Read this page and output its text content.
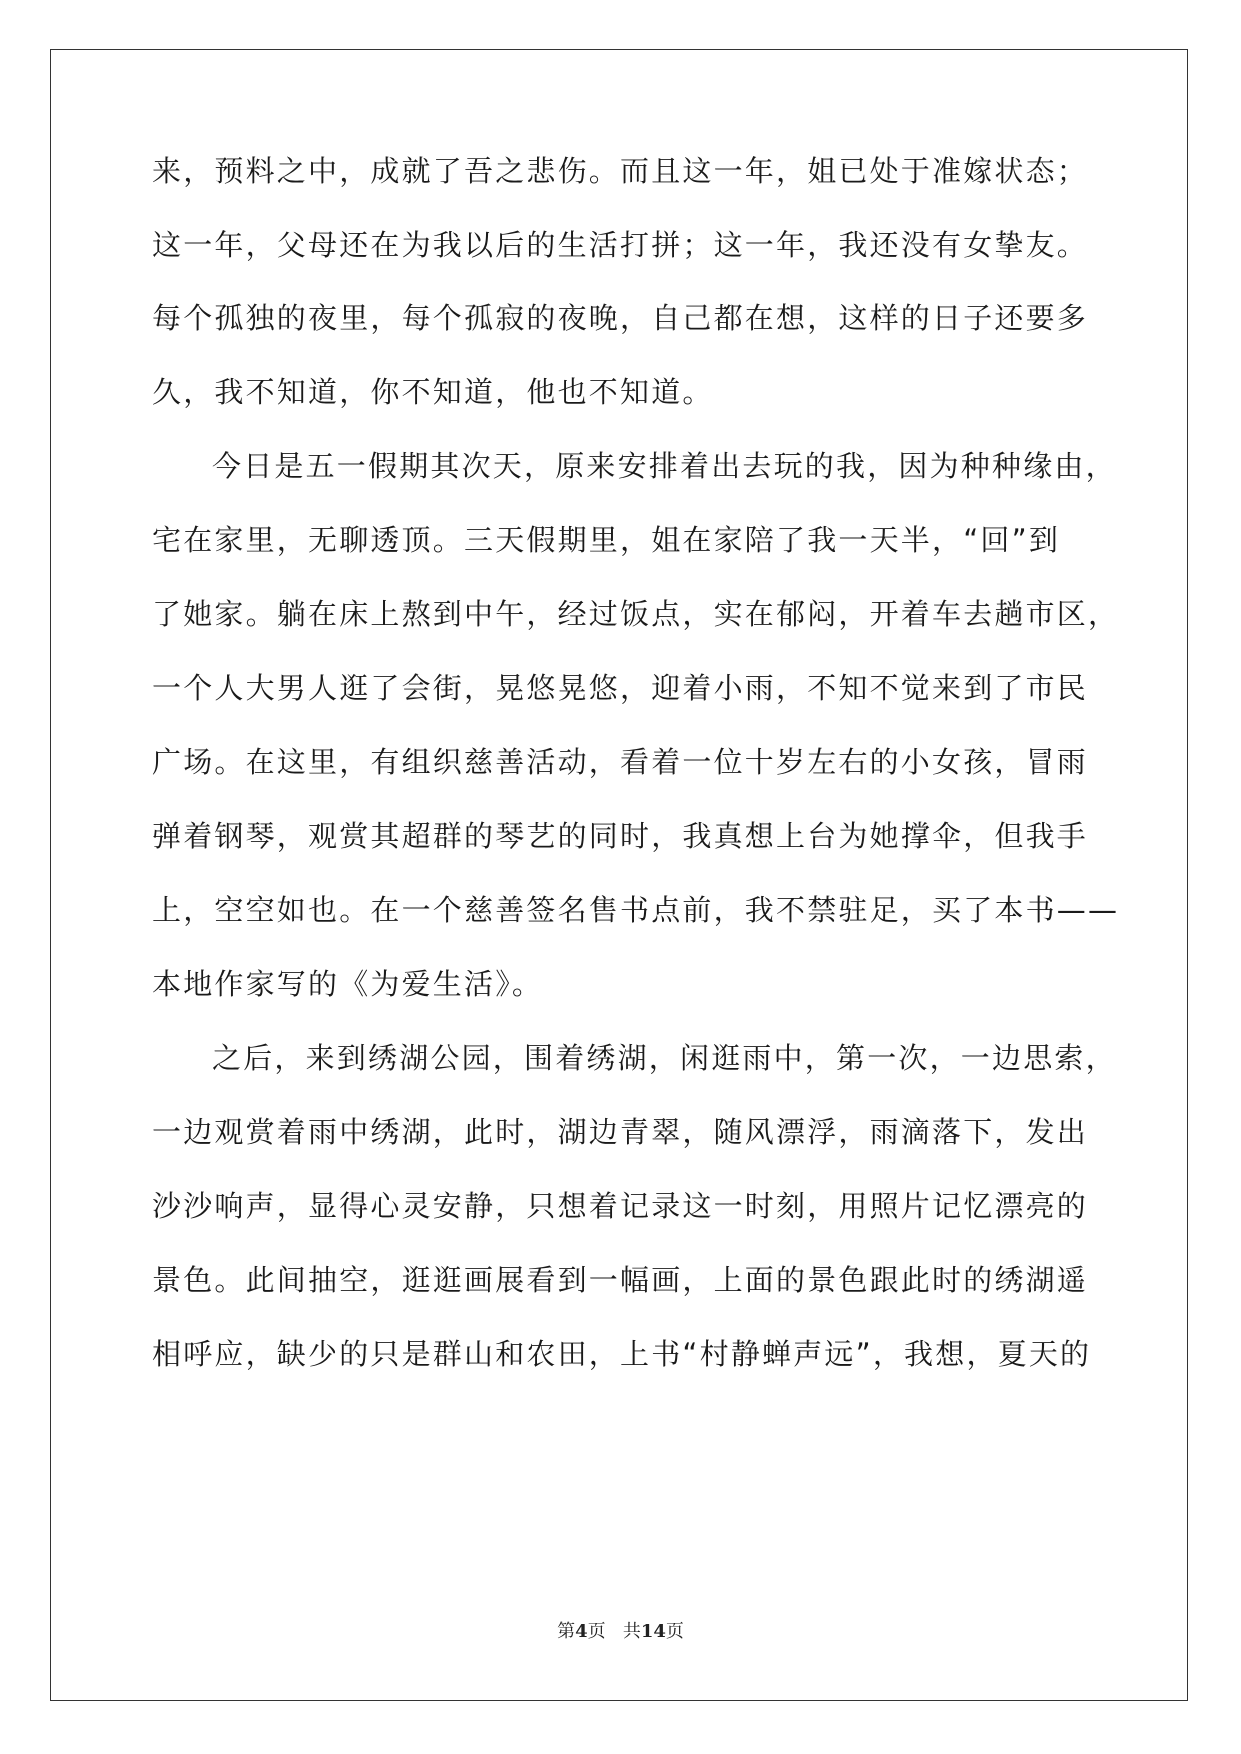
来，预料之中，成就了吾之悲伤。而且这一年，姐已处于准嫁状态；
这一年，父母还在为我以后的生活打拼；这一年，我还没有女挚友。
每个孤独的夜里，每个孤寂的夜晚，自己都在想，这样的日子还要多
久，我不知道，你不知道，他也不知道。
今日是五一假期其次天，原来安排着出去玩的我，因为种种缘由，
宅在家里，无聊透顶。三天假期里，姐在家陪了我一天半，“回”到
了她家。躺在床上熬到中午，经过饭点，实在郁闷，开着车去趟市区，
一个人大男人逛了会街，晃悠晃悠，迎着小雨，不知不觉来到了市民
广场。在这里，有组织慈善活动，看着一位十岁左右的小女孩，冒雨
弹着钢琴，观赏其超群的琴艺的同时，我真想上台为她撑伞，但我手
上，空空如也。在一个慈善签名售书点前，我不禁驻足，买了本书——
本地作家写的《为爱生活》。
之后，来到绣湖公园，围着绣湖，闲逛雨中，第一次，一边思索，
一边观赏着雨中绣湖，此时，湖边青翠，随风漂浮，雨滴落下，发出
沙沙响声，显得心灵安静，只想着记录这一时刻，用照片记忆漂亮的
景色。此间抽空，逛逛画展看到一幅画，上面的景色跟此时的绣湖遥
相呼应，缺少的只是群山和农田，上书“村静蝉声远”，我想，夏天的
第4页 共14页
